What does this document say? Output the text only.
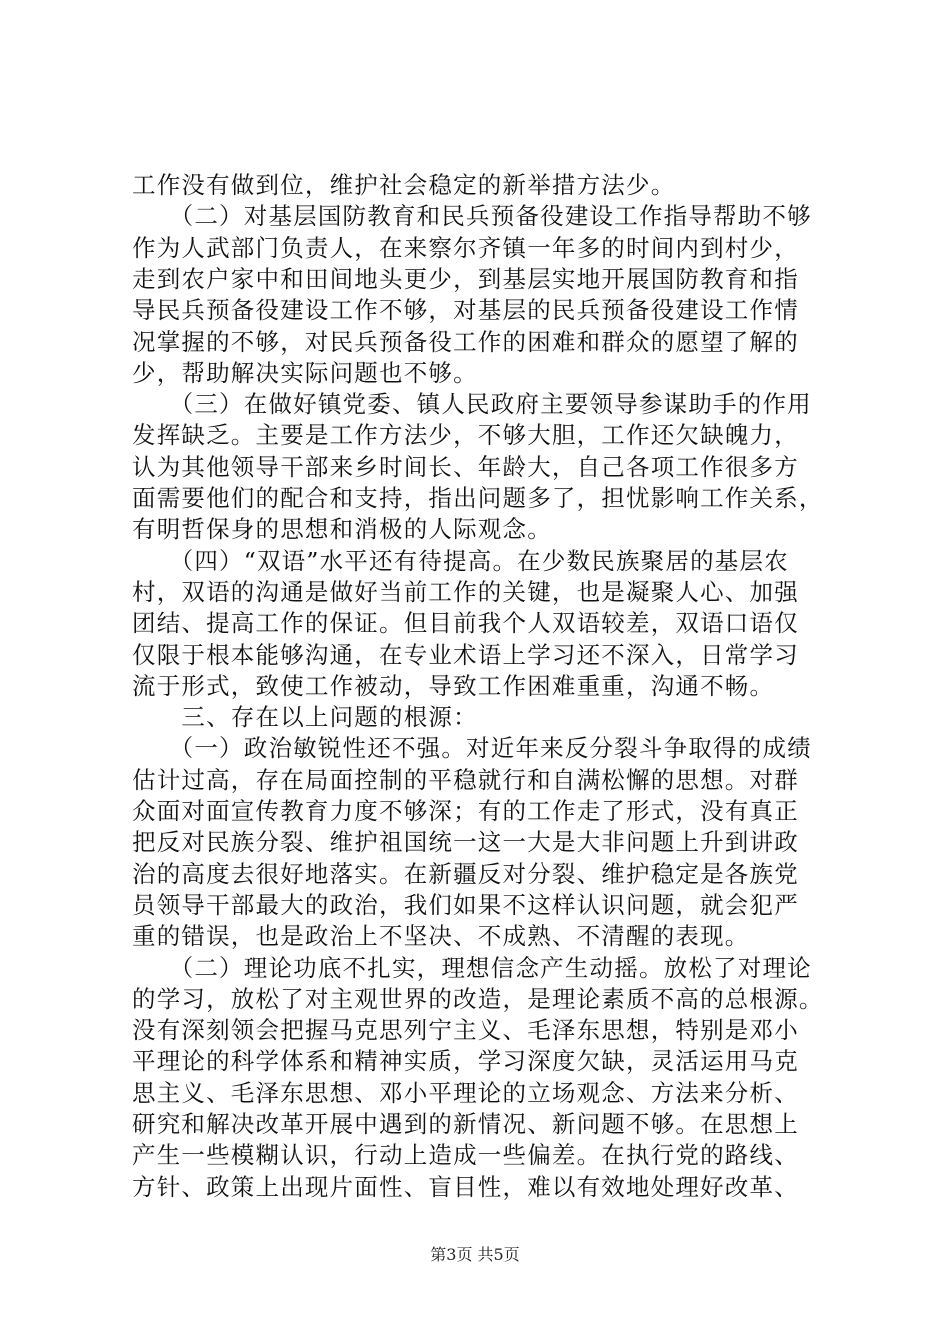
工作没有做到位，维护社会稳定的新举措方法少。
　　（二）对基层国防教育和民兵预备役建设工作指导帮助不够
作为人武部门负责人，在来察尔齐镇一年多的时间内到村少，
走到农户家中和田间地头更少，到基层实地开展国防教育和指
导民兵预备役建设工作不够，对基层的民兵预备役建设工作情
况掌握的不够，对民兵预备役工作的困难和群众的愿望了解的
少，帮助解决实际问题也不够。
　　（三）在做好镇党委、镇人民政府主要领导参谋助手的作用
发挥缺乏。主要是工作方法少，不够大胆，工作还欠缺魄力，
认为其他领导干部来乡时间长、年龄大，自己各项工作很多方
面需要他们的配合和支持，指出问题多了，担忧影响工作关系，
有明哲保身的思想和消极的人际观念。
　　（四）“双语”水平还有待提高。在少数民族聚居的基层农
村，双语的沟通是做好当前工作的关键，也是凝聚人心、加强
团结、提高工作的保证。但目前我个人双语较差，双语口语仅
仅限于根本能够沟通，在专业术语上学习还不深入，日常学习
流于形式，致使工作被动，导致工作困难重重，沟通不畅。
　　三、存在以上问题的根源：
　　（一）政治敏锐性还不强。对近年来反分裂斗争取得的成绩
估计过高，存在局面控制的平稳就行和自满松懈的思想。对群
众面对面宣传教育力度不够深；有的工作走了形式，没有真正
把反对民族分裂、维护祖国统一这一大是大非问题上升到讲政
治的高度去很好地落实。在新疆反对分裂、维护稳定是各族党
员领导干部最大的政治，我们如果不这样认识问题，就会犯严
重的错误，也是政治上不坚决、不成熟、不清醒的表现。
　　（二）理论功底不扎实，理想信念产生动摇。放松了对理论
的学习，放松了对主观世界的改造，是理论素质不高的总根源。
没有深刻领会把握马克思列宁主义、毛泽东思想，特别是邓小
平理论的科学体系和精神实质，学习深度欠缺，灵活运用马克
思主义、毛泽东思想、邓小平理论的立场观念、方法来分析、
研究和解决改革开展中遇到的新情况、新问题不够。在思想上
产生一些模糊认识，行动上造成一些偏差。在执行党的路线、
方针、政策上出现片面性、盲目性，难以有效地处理好改革、
第3页 共5页
